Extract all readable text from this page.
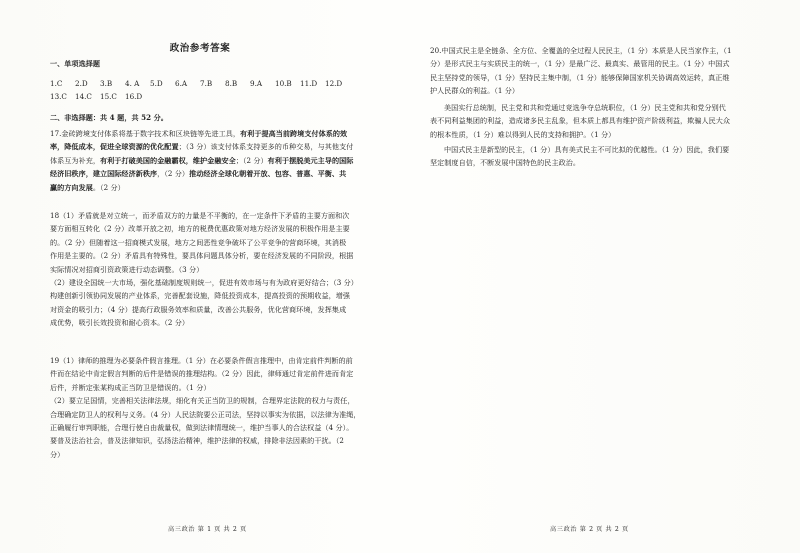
政治参考答案
一、单项选择题
1.C	2.D	3.B	4. A	5.D	6.A	7.B	8.B	9.A	10.B	11.D	12.D
13.C	14.C	15.C	16.D
二、非选择题：共 4 题，共 52 分。

17.金砖跨境支付体系将基于数字技术和区块链等先进工具，有利于提高当前跨境支付体系的效

率，降低成本，促进全球资源的优化配置；（3 分）该支付体系支持更多的币种交易，与其他支付

体系互为补充，有利于打破美国的金融霸权，维护金融安全；（2 分）有利于摆脱美元主导的国际

经济旧秩序，建立国际经济新秩序，（2 分）推动经济全球化朝着开放、包容、普惠、平衡、共

赢的方向发展。（2 分）

18（1）矛盾就是对立统一，而矛盾双方的力量是不平衡的，在一定条件下矛盾的主要方面和次

要方面相互转化（2 分）改革开放之初，地方的税费优惠政策对地方经济发展的积极作用是主要

的。（2 分）但随着这一招商模式发展，地方之间恶性竞争破坏了公平竞争的营商环境，其消极

作用是主要的。（2 分）矛盾具有特殊性，要具体问题具体分析，要在经济发展的不同阶段，根据

实际情况对招商引资政策进行动态调整。（3 分）

（2）建设全国统一大市场，强化基础制度规则统一，促进有效市场与有为政府更好结合；（3 分）

构建创新引领协同发展的产业体系，完善配套设施，降低投资成本，提高投资的预期收益，增强

对资金的吸引力；（4 分）提高行政服务效率和质量，改善公共服务，优化营商环境，发挥集成

成优势，吸引长效投资和耐心资本。（2 分）

19（1）律师的推理为必要条件假言推理。（1 分）在必要条件假言推理中，由肯定前件判断的前

件而在结论中肯定假言判断的后件是错误的推理结构。（2 分）因此，律师通过肯定前件进而肯定

后件，并断定张某构成正当防卫是错误的。（1 分）

（2）要立足国情，完善相关法律法规，细化有关正当防卫的规制，合理界定法院的权力与责任，

合理确定防卫人的权利与义务。（4 分）人民法院要公正司法，坚持以事实为依据，以法律为准绳，

正确履行审判职能，合理行使自由裁量权，做到法律情理统一，维护当事人的合法权益（4 分）。

要普及法治社会，普及法律知识，弘扬法治精神，维护法律的权威，排除非法因素的干扰。（2

分）

高三政治 第 1 页 共 2 页

20.中国式民主是全链条、全方位、全覆盖的全过程人民民主，（1 分）本质是人民当家作主，（1

分）是形式民主与实质民主的统一，（1 分）是最广泛、最真实、最管用的民主。（1 分）中国式

民主坚持党的领导，（1 分）坚持民主集中制，（1 分）能够保障国家机关协调高效运转，真正维

护人民群众的利益。（1 分）

美国实行总统制，民主党和共和党通过竞选争夺总统职位，（1 分）民主党和共和党分别代

表不同利益集团的利益，造成诸多民主乱象，但本质上都具有维护资产阶级利益，欺骗人民大众

的根本性质，（1 分）难以得到人民的支持和拥护。（1 分）

中国式民主是新型的民主，（1 分）具有美式民主不可比拟的优越性。（1 分）因此，我们要

坚定制度自信，不断发展中国特色的民主政治。

高三政治 第 2 页 共 2 页
